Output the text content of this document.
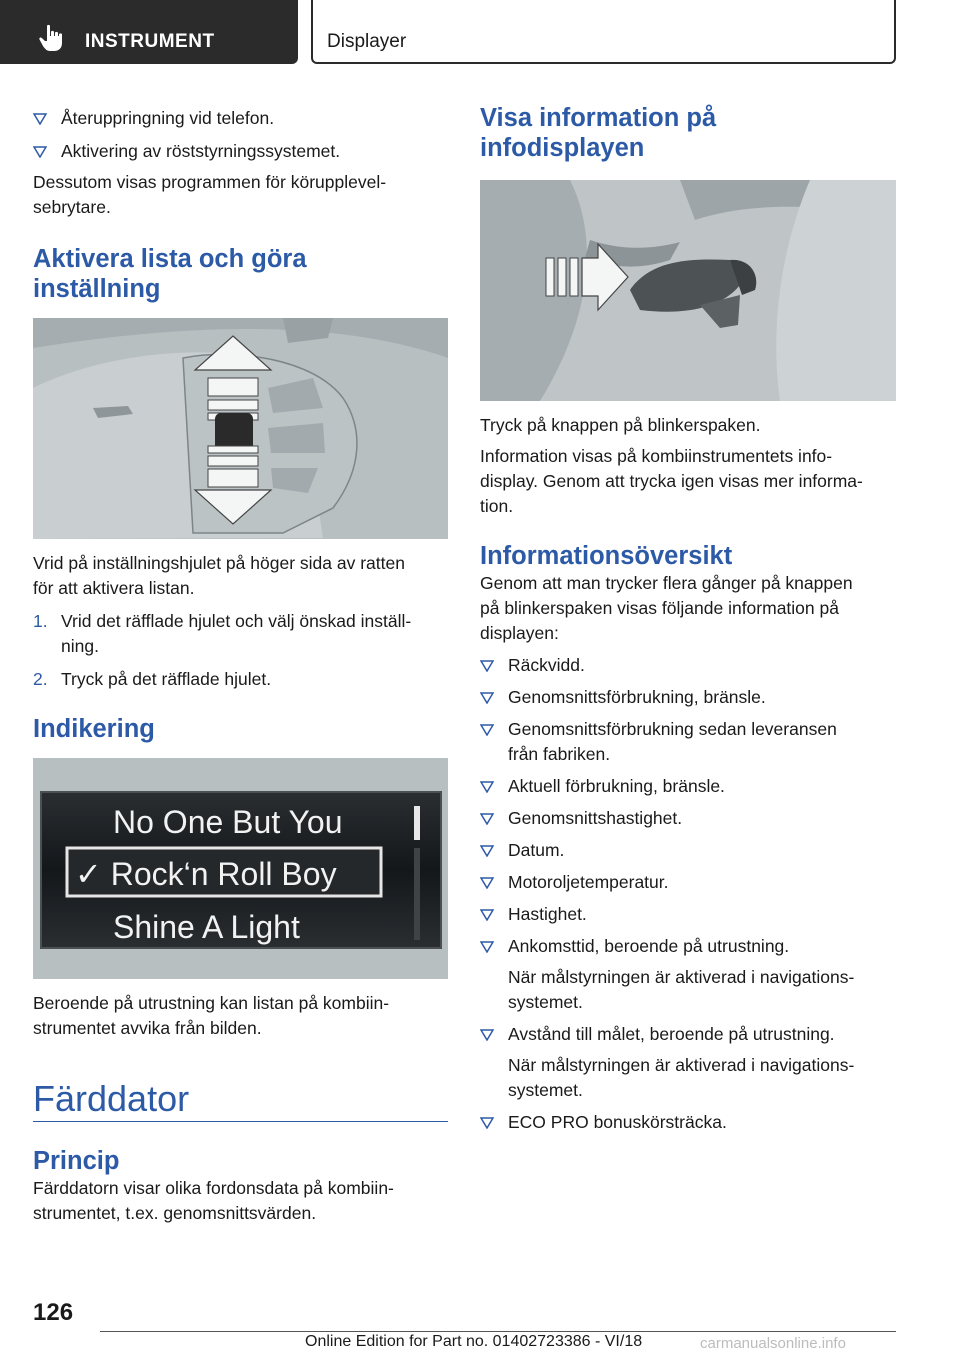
INSTRUMENT	Displayer
Återuppringning vid telefon.
Aktivering av röststyrningssystemet.
Dessutom visas programmen för körupplevel‐
sebrytare.
Aktivera lista och göra
inställning
Vrid på inställningshjulet på höger sida av ratten
för att aktivera listan.
1. Vrid det räfflade hjulet och välj önskad inställ‐
ning.
2. Tryck på det räfflade hjulet.
Indikering
No One But You
✓ Rock‘n Roll Boy
Shine A Light
Beroende på utrustning kan listan på kombiin‐
strumentet avvika från bilden.
Färddator
Princip
Färddatorn visar olika fordonsdata på kombiin‐
strumentet, t.ex. genomsnittsvärden.
Visa information på
infodisplayen
Tryck på knappen på blinkerspaken.
Information visas på kombiinstrumentets info‐
display. Genom att trycka igen visas mer informa‐
tion.
Informationsöversikt
Genom att man trycker flera gånger på knappen
på blinkerspaken visas följande information på
displayen:
Räckvidd.
Genomsnittsförbrukning, bränsle.
Genomsnittsförbrukning sedan leveransen
från fabriken.
Aktuell förbrukning, bränsle.
Genomsnittshastighet.
Datum.
Motoroljetemperatur.
Hastighet.
Ankomsttid, beroende på utrustning.
När målstyrningen är aktiverad i navigations‐
systemet.
Avstånd till målet, beroende på utrustning.
När målstyrningen är aktiverad i navigations‐
systemet.
ECO PRO bonuskörsträcka.
126
Online Edition for Part no. 01402723386 - VI/18	carmanualsonline.info
